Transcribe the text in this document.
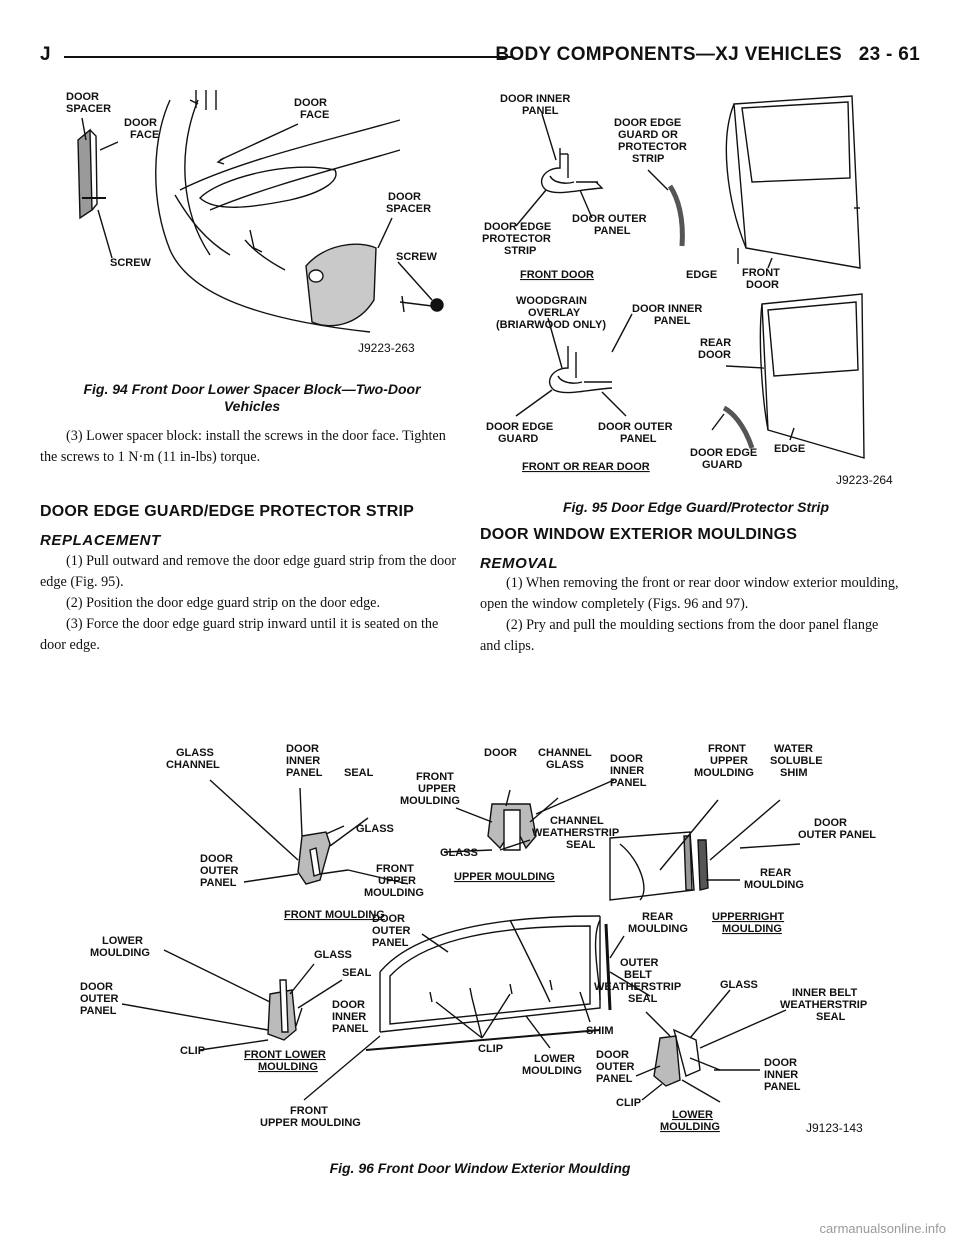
J	BODY COMPONENTS—XJ VEHICLES 23 - 61
DOOR SPACER
DOOR FACE
DOOR FACE
DOOR SPACER
SCREW	SCREW
J9223-263
Fig. 94 Front Door Lower Spacer Block—Two-Door
Vehicles
DOOR INNER PANEL
DOOR EDGE GUARD OR PROTECTOR STRIP
DOOR EDGE PROTECTOR STRIP
DOOR OUTER PANEL
FRONT DOOR	EDGE FRONT DOOR
WOODGRAIN OVERLAY (BRIARWOOD ONLY)
DOOR INNER PANEL
REAR DOOR
DOOR EDGE GUARD
DOOR OUTER PANEL
DOOR EDGE GUARD
EDGE
FRONT OR REAR DOOR
J9223-264
Fig. 95 Door Edge Guard/Protector Strip

(3) Lower spacer block: install the screws in the door face. Tighten the screws to 1 N·m (11 in-lbs) torque.

DOOR EDGE GUARD/EDGE PROTECTOR STRIP
REPLACEMENT

(1) Pull outward and remove the door edge guard strip from the door edge (Fig. 95).

(2) Position the door edge guard strip on the door edge.

(3) Force the door edge guard strip inward until it is seated on the door edge.

DOOR WINDOW EXTERIOR MOULDINGS
REMOVAL

(1) When removing the front or rear door window exterior moulding, open the window completely (Figs. 96 and 97).

(2) Pry and pull the moulding sections from the door panel flange and clips.

GLASS CHANNEL
DOOR INNER PANEL SEAL
GLASS
DOOR OUTER PANEL
FRONT UPPER MOULDING
FRONT MOULDING
DOOR OUTER PANEL
FRONT UPPER MOULDING
DOOR CHANNEL GLASS	DOOR INNER PANEL
CHANNEL WEATHERSTRIP SEAL
GLASS
UPPER MOULDING
FRONT UPPER MOULDING
WATER SOLUBLE SHIM
DOOR OUTER PANEL
REAR MOULDING
LOWER MOULDING	GLASS
SEAL
DOOR INNER PANEL
DOOR OUTER PANEL
CLIP	FRONT LOWER MOULDING
REAR MOULDING
UPPERRIGHT MOULDING
OUTER BELT WEATHERSTRIP SEAL
GLASS
INNER BELT WEATHERSTRIP SEAL
SHIM
CLIP
LOWER MOULDING
DOOR OUTER PANEL
CLIP
LOWER MOULDING
DOOR INNER PANEL
FRONT UPPER MOULDING	J9123-143
Fig. 96 Front Door Window Exterior Moulding
carmanualsonline.info
